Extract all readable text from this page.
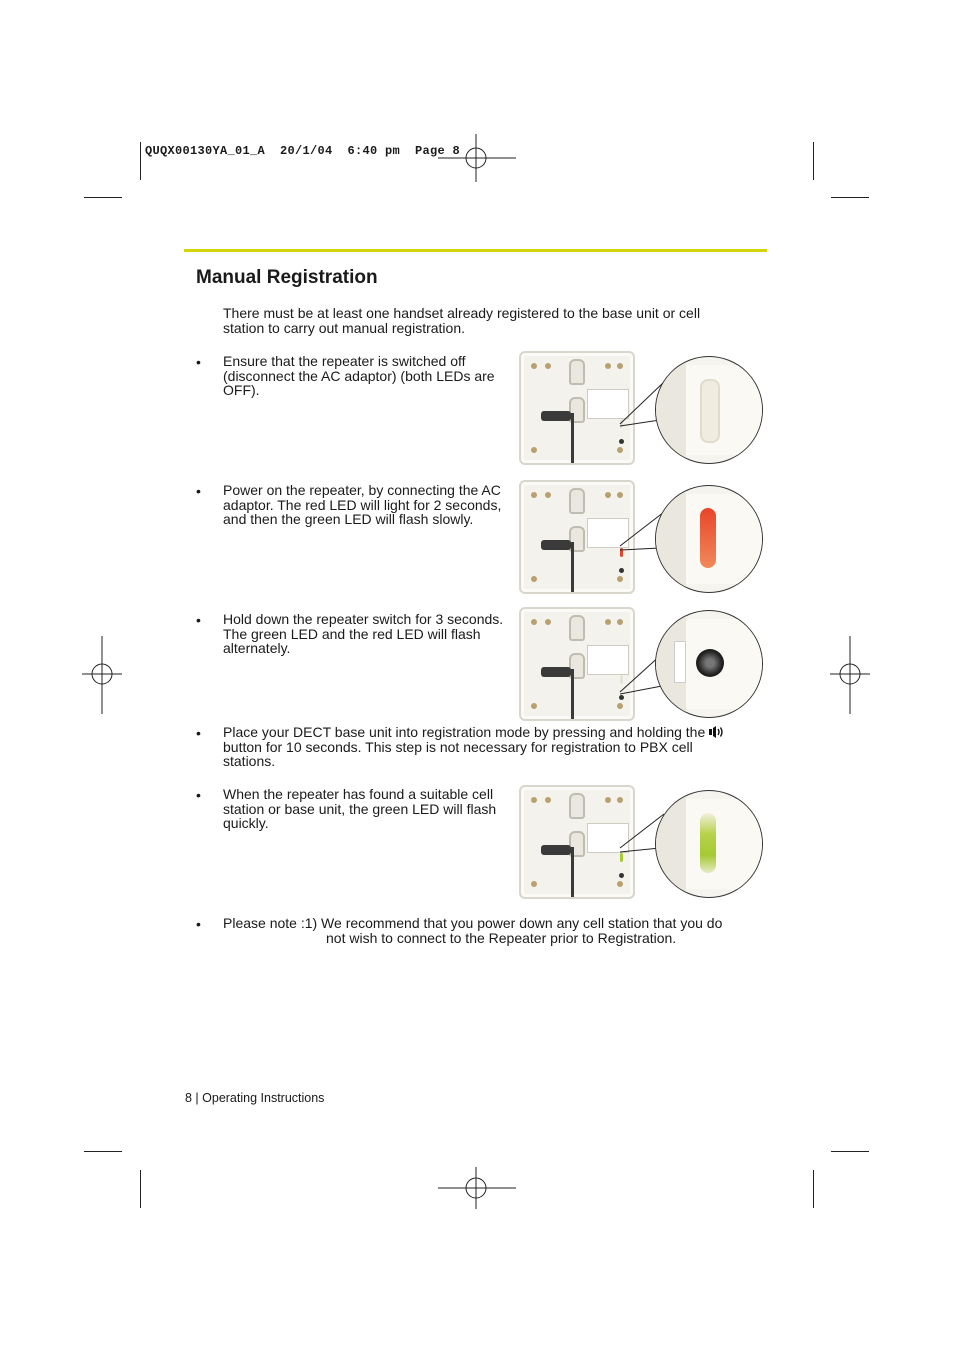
QUQX00130YA_01_A  20/1/04  6:40 pm  Page 8
Manual Registration
There must be at least one handset already registered to the base unit or cell
station to carry out manual registration.
• Ensure that the repeater is switched off
(disconnect the AC adaptor) (both LEDs are
OFF).
• Power on the repeater, by connecting the AC
adaptor. The red LED will light for 2 seconds,
and then the green LED will flash slowly.
• Hold down the repeater switch for 3 seconds.
The green LED and the red LED will flash
alternately.
• Place your DECT base unit into registration mode by pressing and holding the
button for 10 seconds. This step is not necessary for registration to PBX cell
stations.
• When the repeater has found a suitable cell
station or base unit, the green LED will flash
quickly.
• Please note :1) We recommend that you power down any cell station that you do
not wish to connect to the Repeater prior to Registration.
8 | Operating Instructions
